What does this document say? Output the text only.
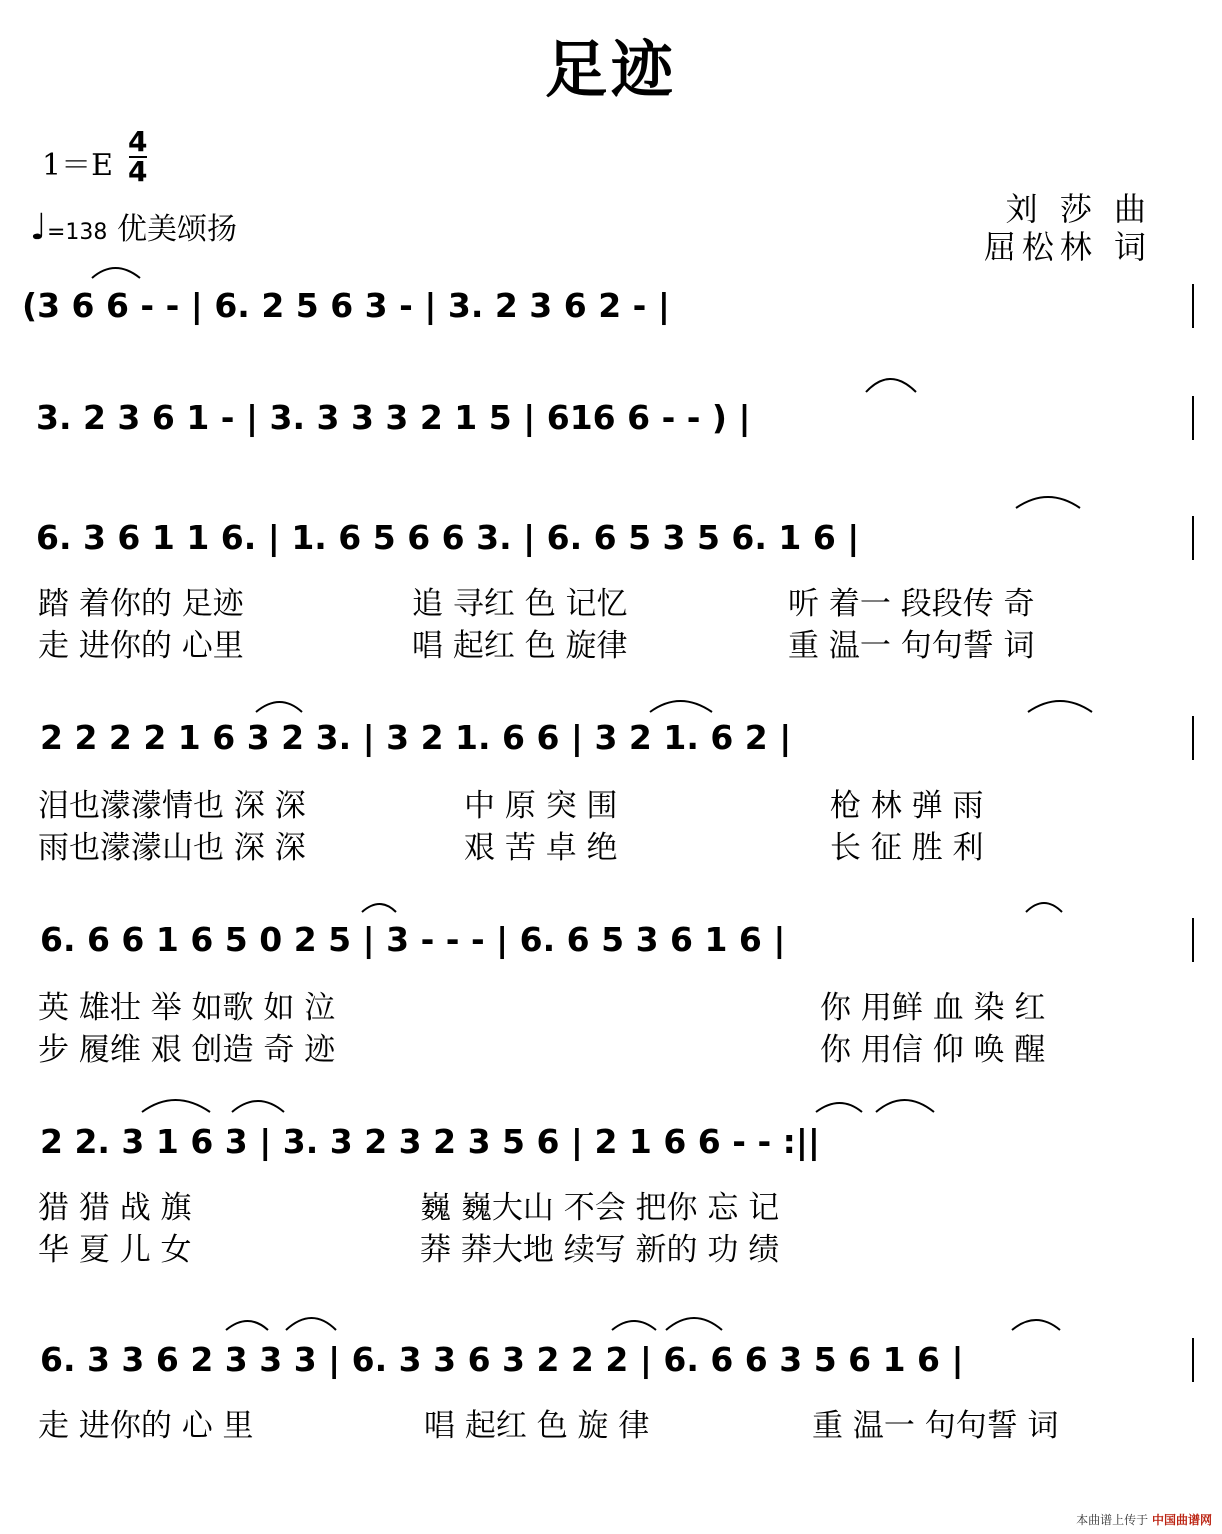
足迹
1＝E
4
4
♩=138 优美颂扬
刘 莎 曲
屈松林 词
(3 6 6 - - | 6. 2 5 6 3 - | 3. 2 3 6 2 - |
3. 2 3 6 1 - | 3. 3 3 3 2 1 5 | 616 6 - - ) |
6. 3 6 1 1 6. | 1. 6 5 6 6 3. | 6. 6 5 3 5 6. 1 6 |
踏 着你的 足迹	追 寻红 色 记忆	听 着一 段段传 奇
走 进你的 心里	唱 起红 色 旋律	重 温一 句句誓 词
2 2 2 2 1 6 3 2 3. | 3 2 1. 6 6 | 3 2 1. 6 2 |
泪也濛濛情也 深 深	中 原 突 围	枪 林 弹 雨
雨也濛濛山也 深 深	艰 苦 卓 绝	长 征 胜 利
6. 6 6 1 6 5 0 2 5 | 3 - - - | 6. 6 5 3 6 1 6 |
英 雄壮 举 如歌 如 泣	你 用鲜 血 染 红
步 履维 艰 创造 奇 迹	你 用信 仰 唤 醒
2 2. 3 1 6 3 | 3. 3 2 3 2 3 5 6 | 2 1 6 6 - - :||
猎 猎 战 旗	巍 巍大山 不会 把你 忘 记
华 夏 儿 女	莽 莽大地 续写 新的 功 绩
6. 3 3 6 2 3 3 3 | 6. 3 3 6 3 2 2 2 | 6. 6 6 3 5 6 1 6 |
走 进你的 心 里	唱 起红 色 旋 律	重 温一 句句誓 词
本曲谱上传于 中国曲谱网
